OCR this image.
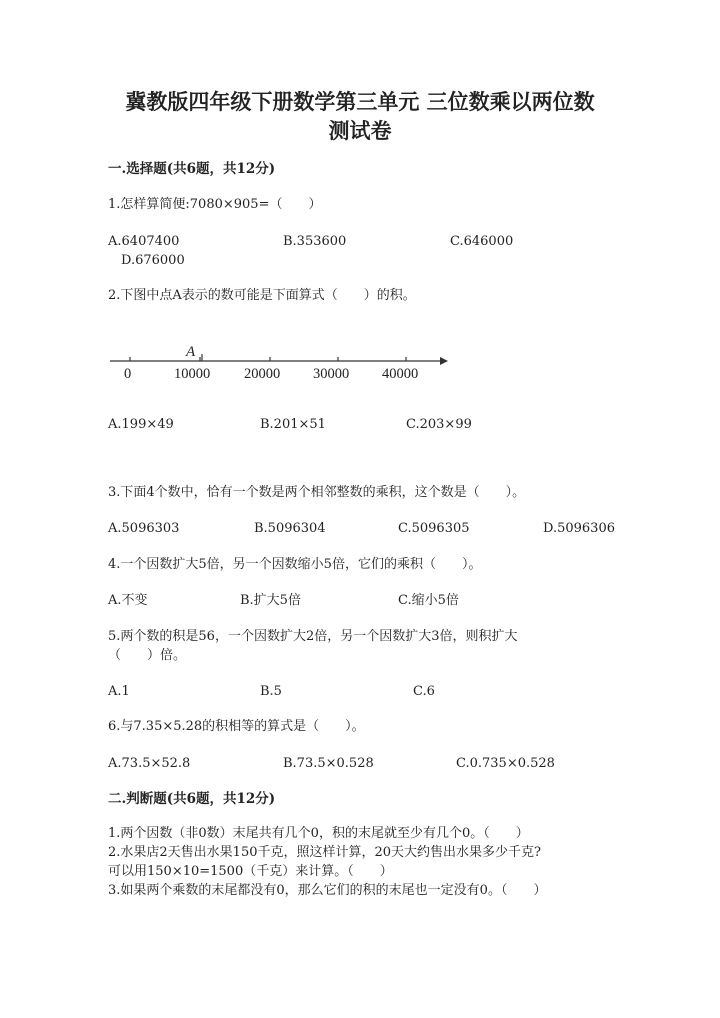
冀教版四年级下册数学第三单元 三位数乘以两位数
测试卷
一.选择题(共6题，共12分)
1.怎样算简便:7080×905=（　　）
A.6407400	B.353600	C.646000
D.676000
2.下图中点A表示的数可能是下面算式（　　）的积。
A
0	10000 20000 30000 40000
A.199×49	B.201×51	C.203×99
3.下面4个数中，恰有一个数是两个相邻整数的乘积，这个数是（　　）。
A.5096303	B.5096304	C.5096305	D.5096306
4.一个因数扩大5倍，另一个因数缩小5倍，它们的乘积（　　）。
A.不变	B.扩大5倍	C.缩小5倍
5.两个数的积是56，一个因数扩大2倍，另一个因数扩大3倍，则积扩大
（　　）倍。
A.1	B.5	C.6
6.与7.35×5.28的积相等的算式是（　　）。
A.73.5×52.8	B.73.5×0.528	C.0.735×0.528
二.判断题(共6题，共12分)
1.两个因数（非0数）末尾共有几个0，积的末尾就至少有几个0。（　　）
2.水果店2天售出水果150千克，照这样计算，20天大约售出水果多少千克?
可以用150×10=1500（千克）来计算。（　　）
3.如果两个乘数的末尾都没有0，那么它们的积的末尾也一定没有0。（　　）
